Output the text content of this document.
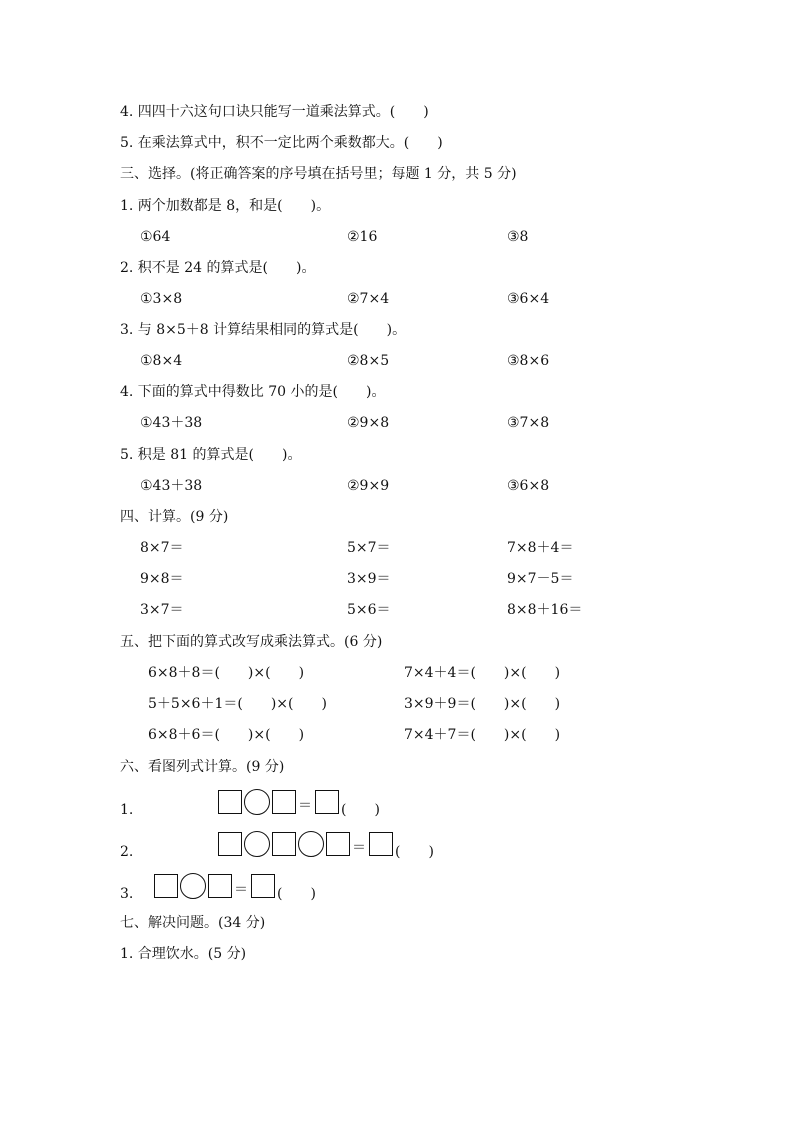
4. 四四十六这句口诀只能写一道乘法算式。(　　)
5. 在乘法算式中，积不一定比两个乘数都大。(　　)
三、选择。(将正确答案的序号填在括号里；每题 1 分，共 5 分)
1. 两个加数都是 8，和是(　　)。
①64	②16	③8
2. 积不是 24 的算式是(　　)。
①3×8	②7×4	③6×4
3. 与 8×5＋8 计算结果相同的算式是(　　)。
①8×4	②8×5	③8×6
4. 下面的算式中得数比 70 小的是(　　)。
①43＋38	②9×8	③7×8
5. 积是 81 的算式是(　　)。
①43＋38	②9×9	③6×8
四、计算。(9 分)
8×7＝	5×7＝	7×8＋4＝
9×8＝	3×9＝	9×7－5＝
3×7＝	5×6＝	8×8＋16＝
五、把下面的算式改写成乘法算式。(6 分)
6×8＋8＝(　　)×(　　)	7×4＋4＝(　　)×(　　)
5＋5×6＋1＝(　　)×(　　)	3×9＋9＝(　　)×(　　)
6×8＋6＝(　　)×(　　)	7×4＋7＝(　　)×(　　)
六、看图列式计算。(9 分)
1.	＝ (　　)
2.	＝ (　　)
3.	＝ (　　)
七、解决问题。(34 分)
1. 合理饮水。(5 分)
